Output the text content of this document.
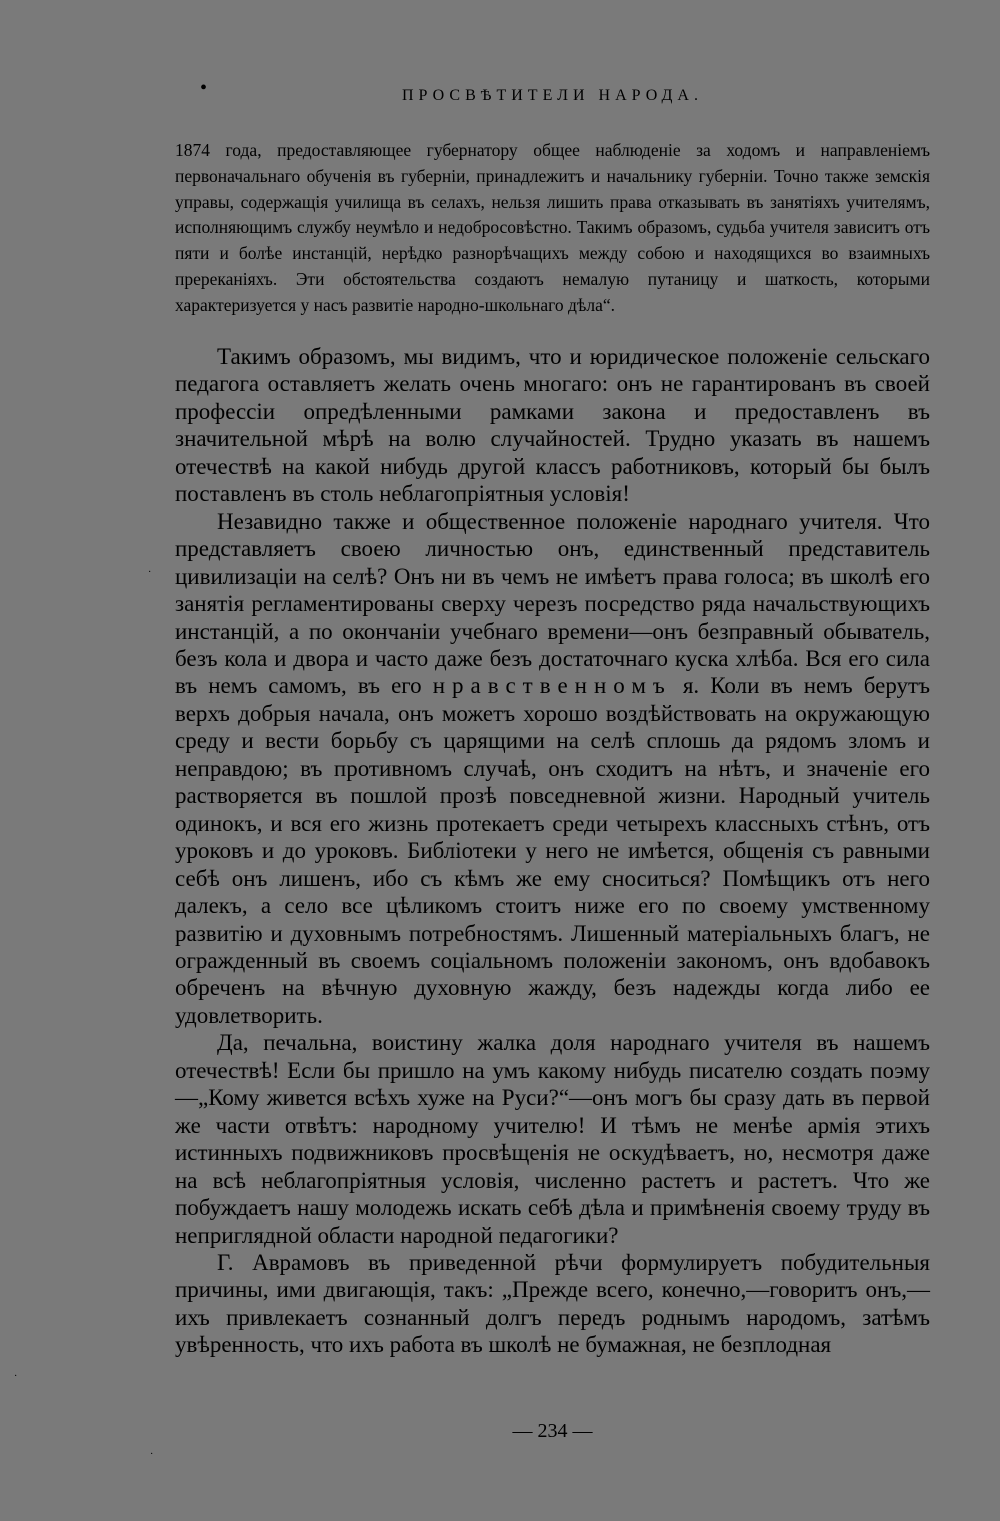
•	ПРОСВѢТИТЕЛИ НАРОДА.

1874 года, предоставляющее губернатору общее наблюденіе за ходомъ и направленіемъ первоначальнаго обученія въ губерніи, принадлежитъ и начальнику губерніи. Точно также земскія управы, содержащія училища въ селахъ, нельзя лишить права отказывать въ занятіяхъ учителямъ, исполняющимъ службу неумѣло и недобросовѣстно. Такимъ образомъ, судьба учителя зависитъ отъ пяти и болѣе инстанцій, нерѣдко разнорѣчащихъ между собою и находящихся во взаимныхъ пререканіяхъ. Эти обстоятельства создаютъ немалую путаницу и шаткость, которыми характеризуется у насъ развитіе народно-школьнаго дѣла“.

Такимъ образомъ, мы видимъ, что и юридическое положеніе сельскаго педагога оставляетъ желать очень многаго: онъ не гарантированъ въ своей профессіи опредѣленными рамками закона и предоставленъ въ значительной мѣрѣ на волю случайностей. Трудно указать въ нашемъ отечествѣ на какой нибудь другой классъ работниковъ, который бы былъ поставленъ въ столь неблагопріятныя условія!

Незавидно также и общественное положеніе народнаго учителя. Что представляетъ своею личностью онъ, единственный представитель цивилизаціи на селѣ? Онъ ни въ чемъ не имѣетъ права голоса; въ школѣ его занятія регламентированы сверху черезъ посредство ряда начальствующихъ инстанцій, а по окончаніи учебнаго времени—онъ безправный обыватель, безъ кола и двора и часто даже безъ достаточнаго куска хлѣба. Вся его сила въ немъ самомъ, въ его нравственномъ я. Коли въ немъ берутъ верхъ добрыя начала, онъ можетъ хорошо воздѣйствовать на окружающую среду и вести борьбу съ царящими на селѣ сплошь да рядомъ зломъ и неправдою; въ противномъ случаѣ, онъ сходитъ на нѣтъ, и значеніе его растворяется въ пошлой прозѣ повседневной жизни. Народный учитель одинокъ, и вся его жизнь протекаетъ среди четырехъ классныхъ стѣнъ, отъ уроковъ и до уроковъ. Библіотеки у него не имѣется, общенія съ равными себѣ онъ лишенъ, ибо съ кѣмъ же ему сноситься? Помѣщикъ отъ него далекъ, а село все цѣликомъ стоитъ ниже его по своему умственному развитію и духовнымъ потребностямъ. Лишенный матеріальныхъ благъ, не огражденный въ своемъ соціальномъ положеніи закономъ, онъ вдобавокъ обреченъ на вѣчную духовную жажду, безъ надежды когда либо ее удовлетворить.

Да, печальна, воистину жалка доля народнаго учителя въ нашемъ отечествѣ! Если бы пришло на умъ какому нибудь писателю создать поэму—„Кому живется всѣхъ хуже на Руси?“—онъ могъ бы сразу дать въ первой же части отвѣтъ: народному учителю! И тѣмъ не менѣе армія этихъ истинныхъ подвижниковъ просвѣщенія не оскудѣваетъ, но, несмотря даже на всѣ неблагопріятныя условія, численно растетъ и растетъ. Что же побуждаетъ нашу молодежь искать себѣ дѣла и примѣненія своему труду въ неприглядной области народной педагогики?

Г. Аврамовъ въ приведенной рѣчи формулируетъ побудительныя причины, ими двигающія, такъ: „Прежде всего, конечно,—говоритъ онъ,—ихъ привлекаетъ сознанный долгъ передъ роднымъ народомъ, затѣмъ увѣренность, что ихъ работа въ школѣ не бумажная, не безплодная

— 234 —
·
·
·
